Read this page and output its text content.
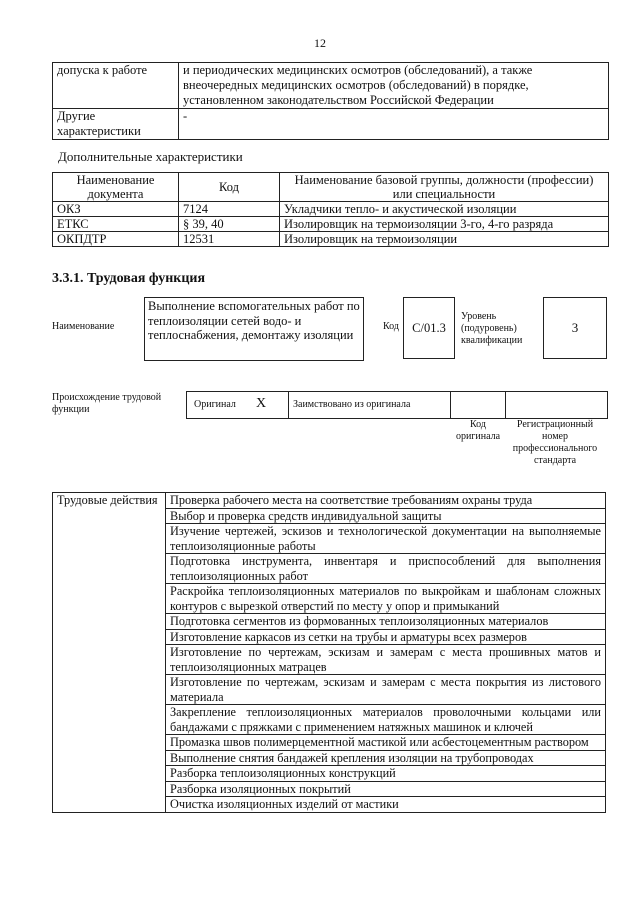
12
допуска к работе	и периодических медицинских осмотров (обследований), а также внеочередных медицинских осмотров (обследований) в порядке, установленном законодательством Российской Федерации
Другие характеристики	-
Дополнительные характеристики
Наименование документа	Код	Наименование базовой группы, должности (профессии) или специальности
ОКЗ	7124	Укладчики тепло- и акустической изоляции
ЕТКС	§ 39, 40	Изолировщик на термоизоляции 3-го, 4-го разряда
ОКПДТР	12531	Изолировщик на термоизоляции
3.3.1. Трудовая функция
Наименование
Выполнение вспомогательных работ по теплоизоляции сетей водо- и теплоснабжения, демонтажу изоляции
Код	С/01.3
Уровень (подуровень) квалификации
3
Происхождение трудовой функции	Оригинал X	Заимствовано из оригинала
Код оригинала
Регистрационный номер профессионального стандарта
Трудовые действия	Проверка рабочего места на соответствие требованиям охраны труда
Выбор и проверка средств индивидуальной защиты
Изучение чертежей, эскизов и технологической документации на выполняемые теплоизоляционные работы
Подготовка инструмента, инвентаря и приспособлений для выполнения теплоизоляционных работ
Раскройка теплоизоляционных материалов по выкройкам и шаблонам сложных контуров с вырезкой отверстий по месту у опор и примыканий
Подготовка сегментов из формованных теплоизоляционных материалов
Изготовление каркасов из сетки на трубы и арматуры всех размеров
Изготовление по чертежам, эскизам и замерам с места прошивных матов и теплоизоляционных матрацев
Изготовление по чертежам, эскизам и замерам с места покрытия из листового материала
Закрепление теплоизоляционных материалов проволочными кольцами или бандажами с пряжками с применением натяжных машинок и ключей
Промазка швов полимерцементной мастикой или асбестоцементным раствором
Выполнение снятия бандажей крепления изоляции на трубопроводах
Разборка теплоизоляционных конструкций
Разборка изоляционных покрытий
Очистка изоляционных изделий от мастики
